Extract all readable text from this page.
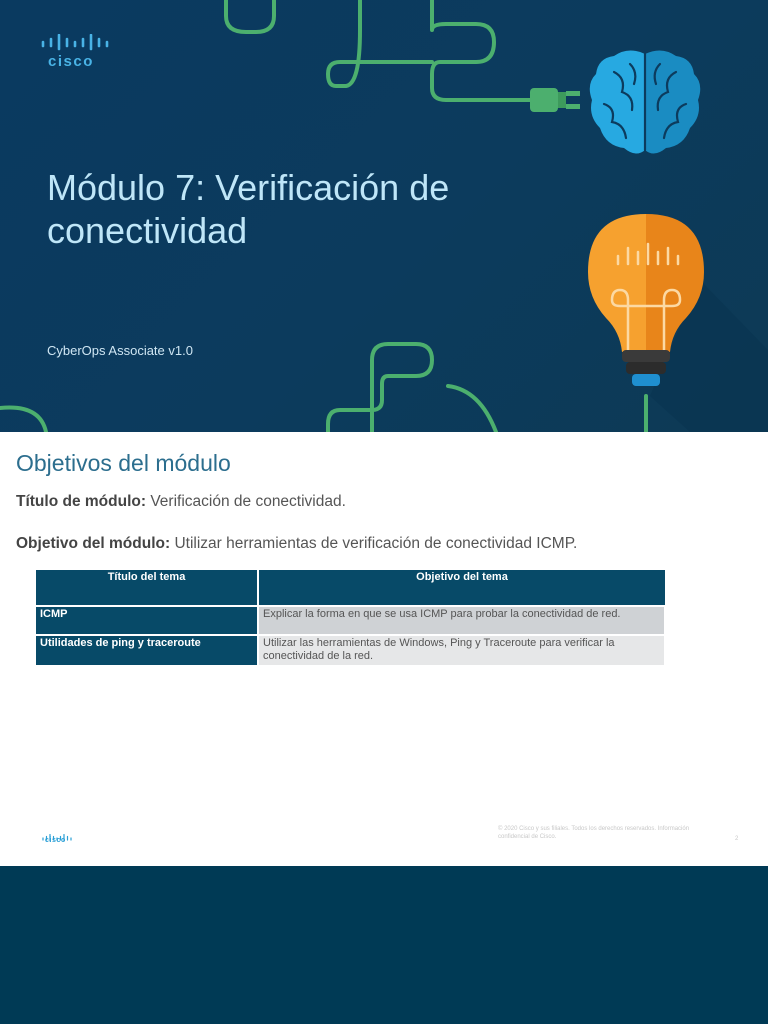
cisco
Módulo 7: Verificación de conectividad
CyberOps Associate v1.0
Objetivos del módulo
Título de módulo: Verificación de conectividad.
Objetivo del módulo: Utilizar herramientas de verificación de conectividad ICMP.
Título del tema	Objetivo del tema
ICMP	Explicar la forma en que se usa ICMP para probar la conectividad de red.
Utilidades de ping y traceroute	Utilizar las herramientas de Windows, Ping y Traceroute para verificar la conectividad de la red.
cisco
© 2020 Cisco y sus filiales. Todos los derechos reservados. Información confidencial de Cisco.	2
